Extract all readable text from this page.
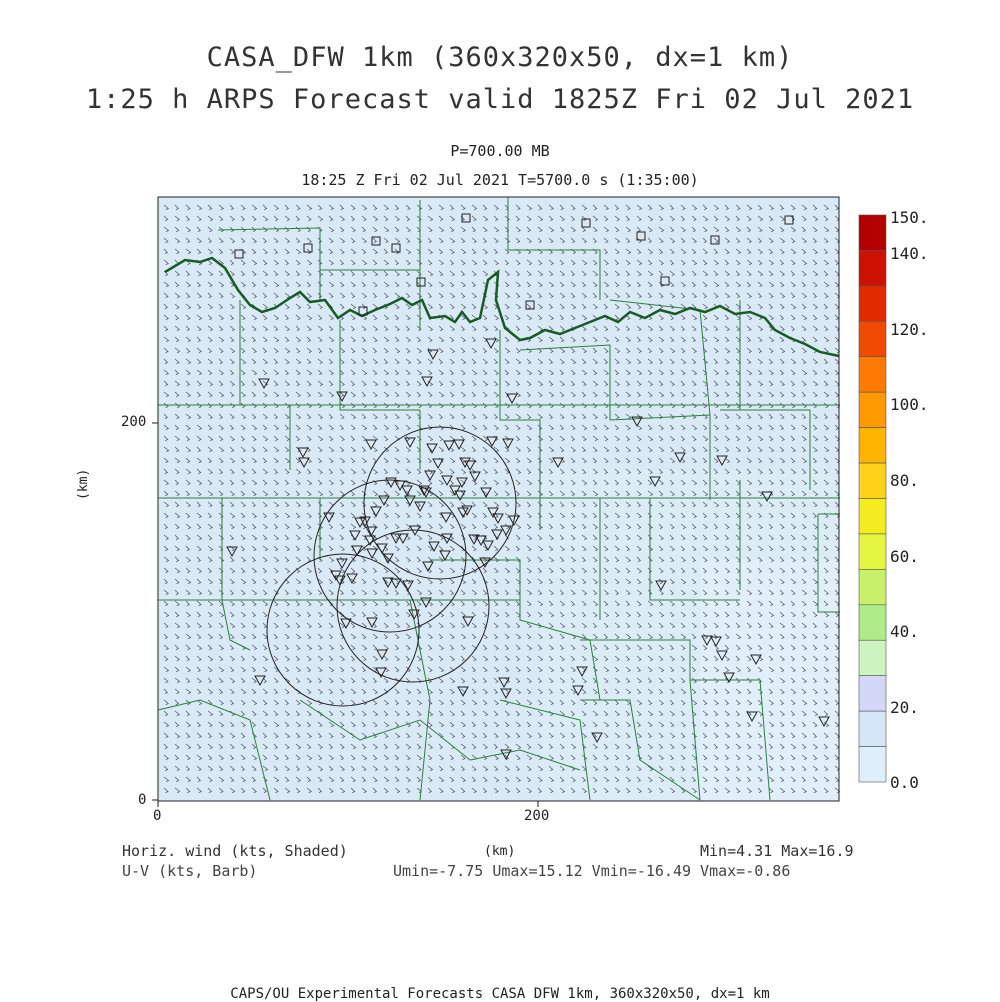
CASA_DFW 1km (360x320x50, dx=1 km)
1:25 h ARPS Forecast valid 1825Z Fri 02 Jul 2021
P=700.00 MB
18:25 Z Fri 02 Jul 2021 T=5700.0 s (1:35:00)
200
0
0	200
(km)
(km)
150.
140.
120.
100.
80.
60.
40.
20.
0.0
Horiz. wind (kts, Shaded)
U-V (kts, Barb)
Min=4.31 Max=16.9
Umin=-7.75 Umax=15.12 Vmin=-16.49 Vmax=-0.86
CAPS/OU Experimental Forecasts CASA DFW 1km, 360x320x50, dx=1 km
